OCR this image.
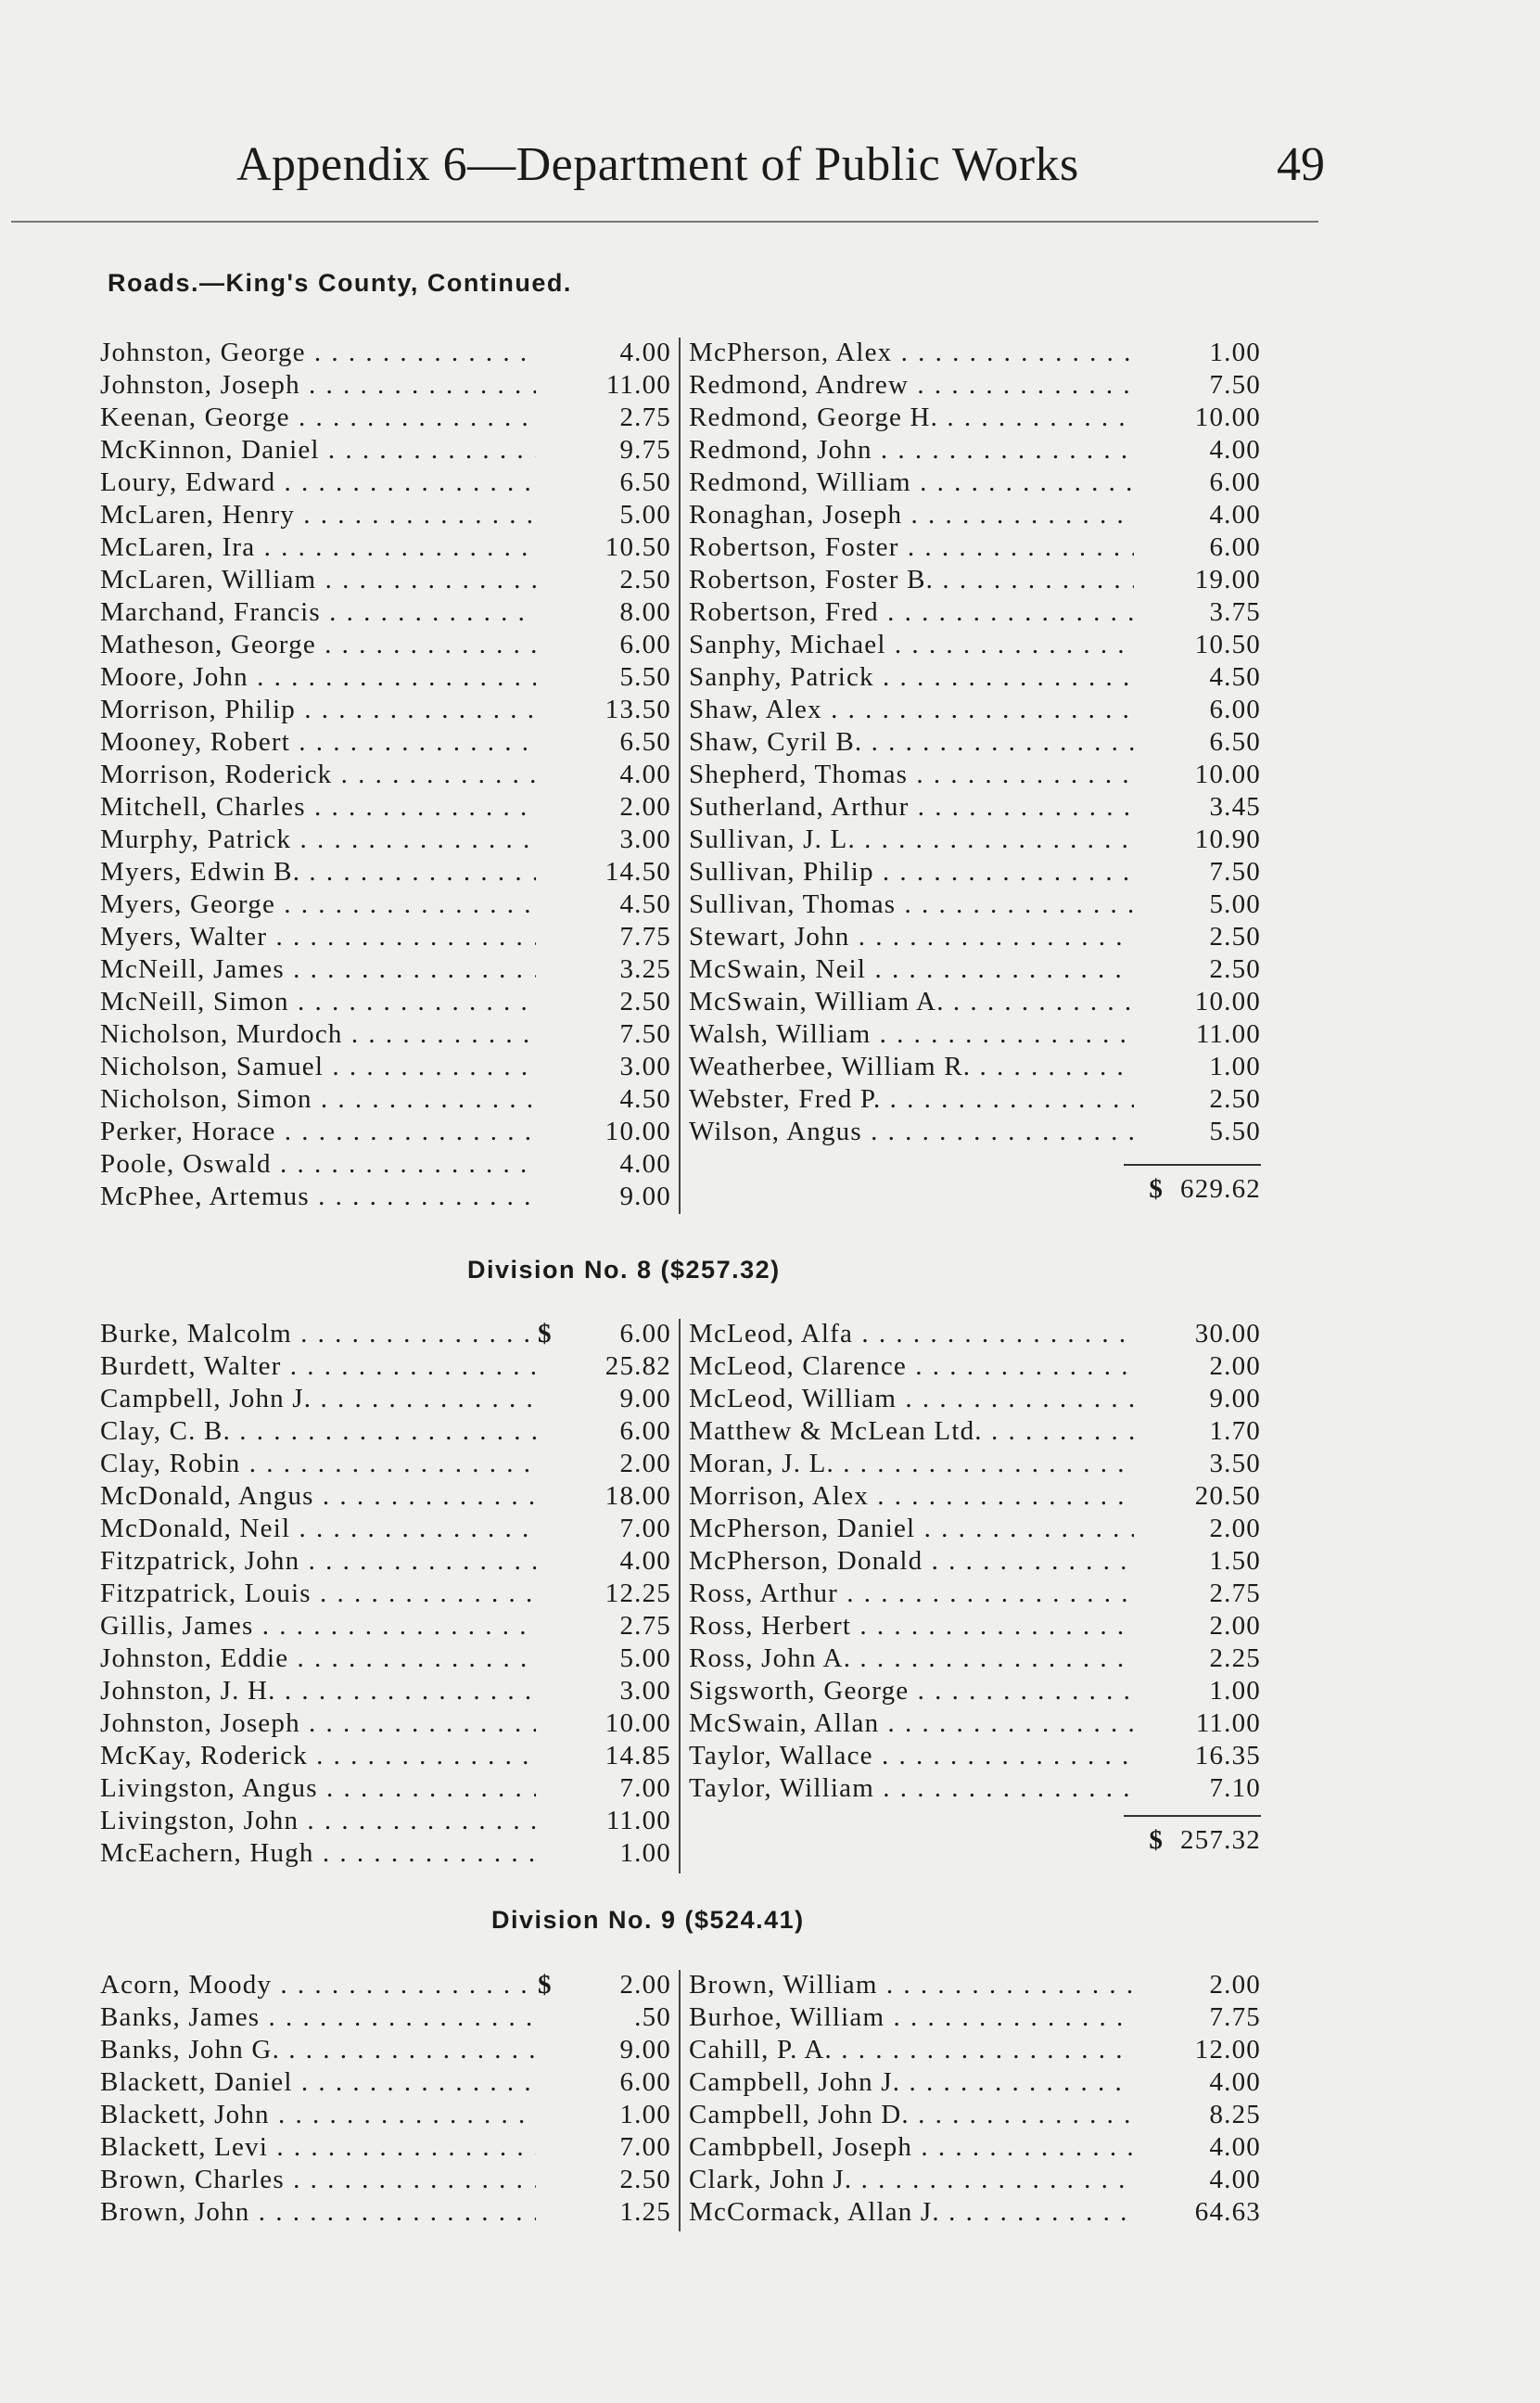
Appendix 6—Department of Public Works	49
Roads.—King's County, Continued.
Johnston, George . . .	4.00
Johnston, Joseph . . .	11.00
Keenan, George . . .	2.75
McKinnon, Daniel . . .	9.75
Loury, Edward . . .	6.50
McLaren, Henry . . .	5.00
McLaren, Ira . . .	10.50
McLaren, William . . .	2.50
Marchand, Francis . . .	8.00
Matheson, George . . .	6.00
Moore, John . . .	5.50
Morrison, Philip . . .	13.50
Mooney, Robert . . .	6.50
Morrison, Roderick . . .	4.00
Mitchell, Charles . . .	2.00
Murphy, Patrick . . .	3.00
Myers, Edwin B. . . .	14.50
Myers, George . . .	4.50
Myers, Walter . . .	7.75
McNeill, James . . .	3.25
McNeill, Simon . . .	2.50
Nicholson, Murdoch . . .	7.50
Nicholson, Samuel . . .	3.00
Nicholson, Simon . . .	4.50
Perker, Horace . . .	10.00
Poole, Oswald . . .	4.00
McPhee, Artemus . . .	9.00
McPherson, Alex . . .	1.00
Redmond, Andrew . . .	7.50
Redmond, George H. . . .	10.00
Redmond, John . . .	4.00
Redmond, William . . .	6.00
Ronaghan, Joseph . . .	4.00
Robertson, Foster . . .	6.00
Robertson, Foster B. . . .	19.00
Robertson, Fred . . .	3.75
Sanphy, Michael . . .	10.50
Sanphy, Patrick . . .	4.50
Shaw, Alex . . .	6.00
Shaw, Cyril B. . . .	6.50
Shepherd, Thomas . . .	10.00
Sutherland, Arthur . . .	3.45
Sullivan, J. L. . . .	10.90
Sullivan, Philip . . .	7.50
Sullivan, Thomas . . .	5.00
Stewart, John . . .	2.50
McSwain, Neil . . .	2.50
McSwain, William A. . . .	10.00
Walsh, William . . .	11.00
Weatherbee, William R. . . .	1.00
Webster, Fred P. . . .	2.50
Wilson, Angus . . .	5.50
$ 629.62
Division No. 8 ($257.32)
Burke, Malcolm . . .	$	6.00
Burdett, Walter . . .	25.82
Campbell, John J. . . .	9.00
Clay, C. B. . . .	6.00
Clay, Robin . . .	2.00
McDonald, Angus . . .	18.00
McDonald, Neil . . .	7.00
Fitzpatrick, John . . .	4.00
Fitzpatrick, Louis . . .	12.25
Gillis, James . . .	2.75
Johnston, Eddie . . .	5.00
Johnston, J. H. . . .	3.00
Johnston, Joseph . . .	10.00
McKay, Roderick . . .	14.85
Livingston, Angus . . .	7.00
Livingston, John . . .	11.00
McEachern, Hugh . . .	1.00
McLeod, Alfa . . .	30.00
McLeod, Clarence . . .	2.00
McLeod, William . . .	9.00
Matthew & McLean Ltd. . . .	1.70
Moran, J. L. . . .	3.50
Morrison, Alex . . .	20.50
McPherson, Daniel . . .	2.00
McPherson, Donald . . .	1.50
Ross, Arthur . . .	2.75
Ross, Herbert . . .	2.00
Ross, John A. . . .	2.25
Sigsworth, George . . .	1.00
McSwain, Allan . . .	11.00
Taylor, Wallace . . .	16.35
Taylor, William . . .	7.10
$ 257.32
Division No. 9 ($524.41)
Acorn, Moody . . .	$	2.00
Banks, James . . .	.50
Banks, John G. . . .	9.00
Blackett, Daniel . . .	6.00
Blackett, John . . .	1.00
Blackett, Levi . . .	7.00
Brown, Charles . . .	2.50
Brown, John . . .	1.25
Brown, William . . .	2.00
Burhoe, William . . .	7.75
Cahill, P. A. . . .	12.00
Campbell, John J. . . .	4.00
Campbell, John D. . . .	8.25
Cambpbell, Joseph . . .	4.00
Clark, John J. . . .	4.00
McCormack, Allan J. . . .	64.63
